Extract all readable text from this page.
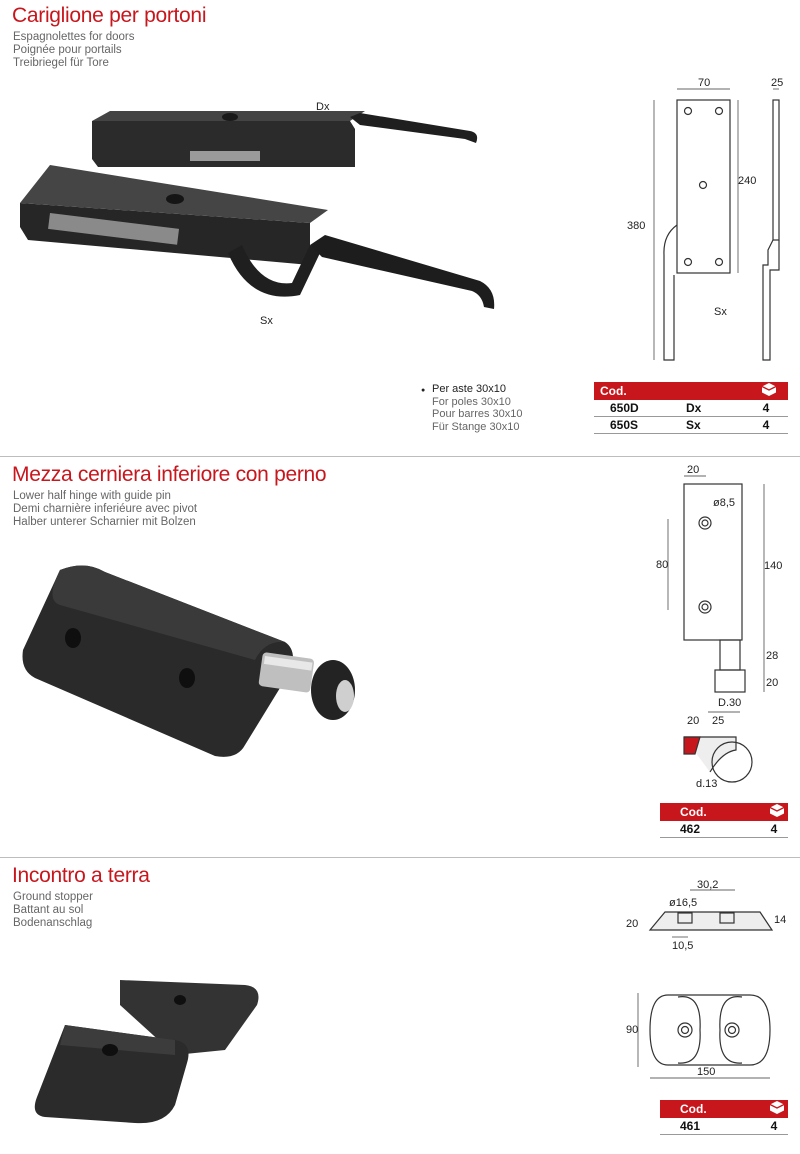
Cariglione per portoni
Espagnolettes for doors
Poignée pour portails
Treibriegel für Tore
Dx
Sx
70	25
380
240
Sx
● Per aste 30x10
For poles 30x10
Pour barres 30x10
Für Stange 30x10
Cod.		
650D	Dx	4
650S	Sx	4
Mezza cerniera inferiore con perno
Lower half hinge with guide pin
Demi charnière inferiéure avec pivot
Halber unterer Scharnier mit Bolzen
20
ø8,5
80	140
28
20
D.30
20 25
d.13
Cod.	
462	4
Incontro a terra
Ground stopper
Battant au sol
Bodenanschlag
30,2
ø16,5
20	14
10,5
90
150
Cod.	
461	4
